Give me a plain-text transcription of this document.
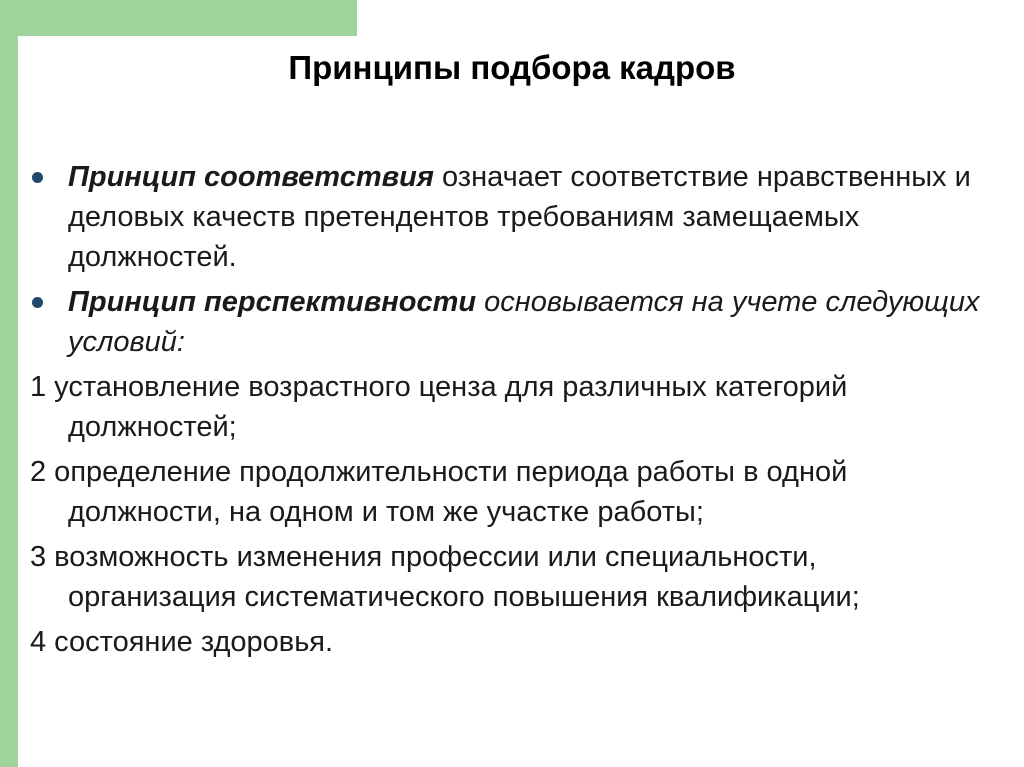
Принципы подбора кадров
Принцип соответствия означает соответствие нравственных и деловых качеств претендентов требованиям замещаемых должностей.
Принцип перспективности основывается на учете следующих условий:
1 установление возрастного ценза для различных категорий должностей;
2 определение продолжительности периода работы в одной должности, на одном и том же участке работы;
3 возможность изменения профессии или специальности, организация систематического повышения квалификации;
4 состояние здоровья.
